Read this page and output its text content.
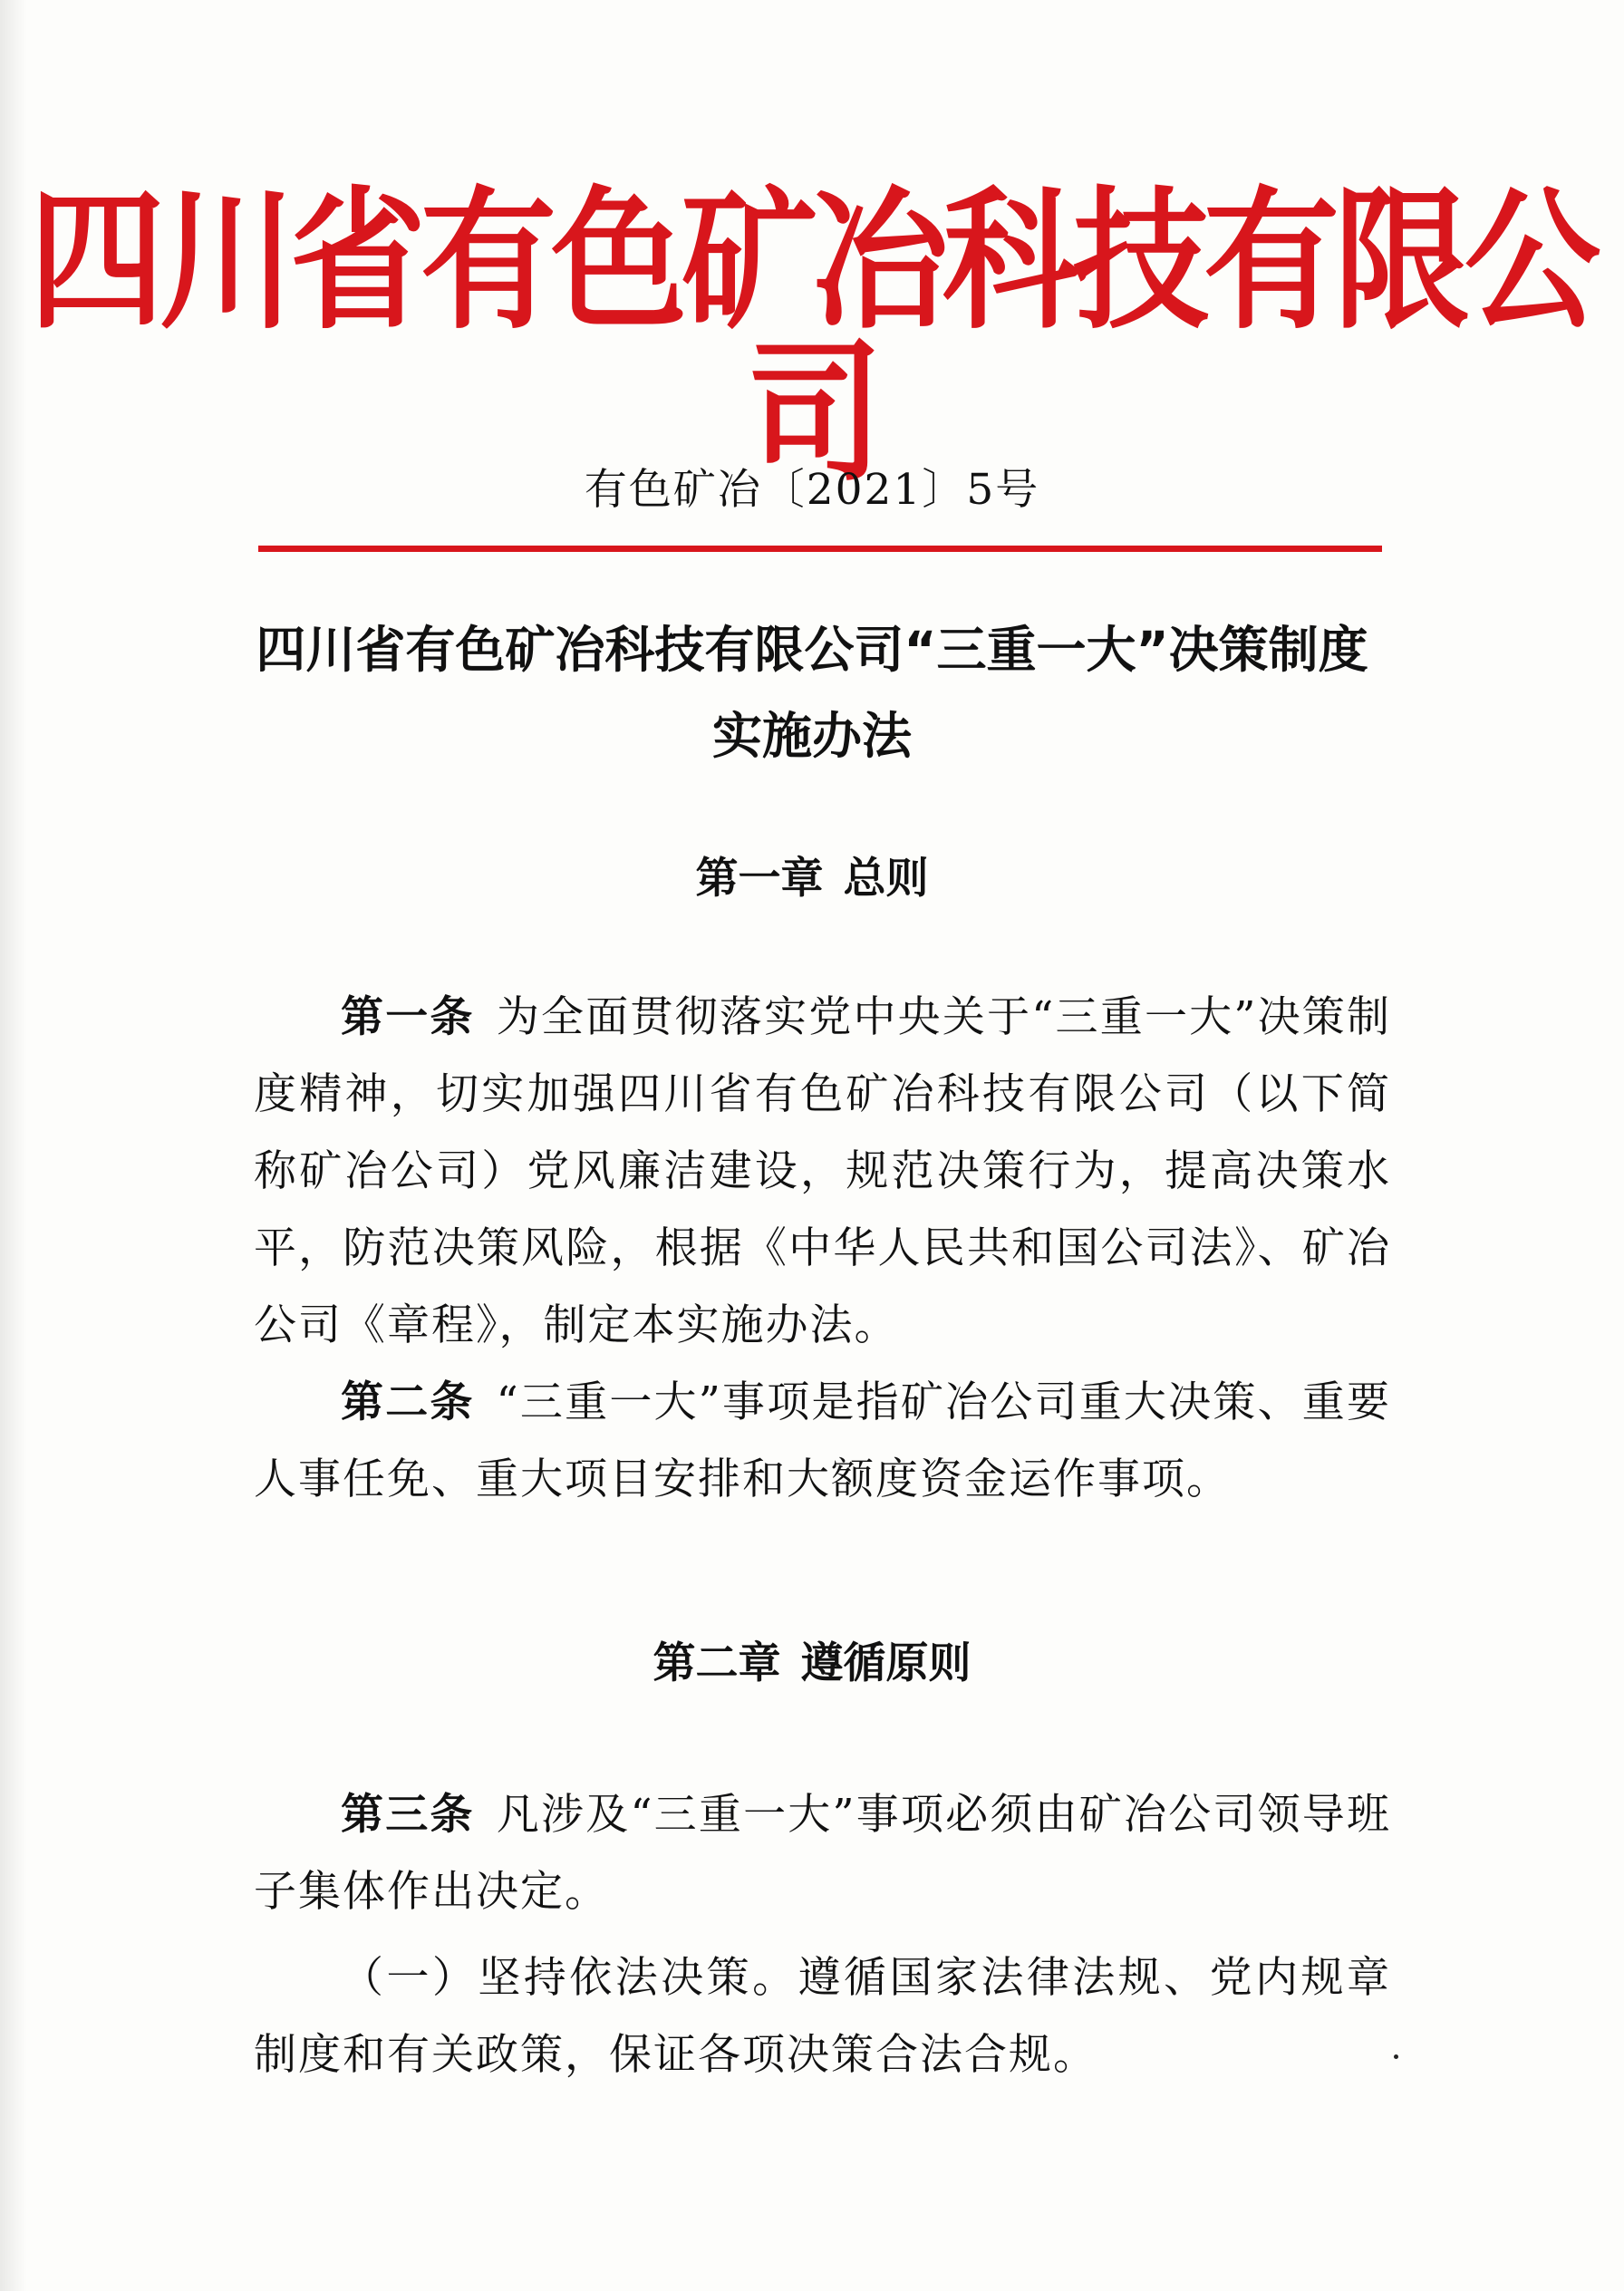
四川省有色矿冶科技有限公司
有色矿冶〔2021〕5号
四川省有色矿冶科技有限公司“三重一大”决策制度
实施办法
第一章 总则

第一条 为全面贯彻落实党中央关于“三重一大”决策制度精神，切实加强四川省有色矿冶科技有限公司（以下简称矿冶公司）党风廉洁建设，规范决策行为，提高决策水平，防范决策风险，根据《中华人民共和国公司法》、矿冶公司《章程》，制定本实施办法。

第二条 “三重一大”事项是指矿冶公司重大决策、重要人事任免、重大项目安排和大额度资金运作事项。

第二章 遵循原则

第三条 凡涉及“三重一大”事项必须由矿冶公司领导班子集体作出决定。

（一）坚持依法决策。遵循国家法律法规、党内规章制度和有关政策，保证各项决策合法合规。
